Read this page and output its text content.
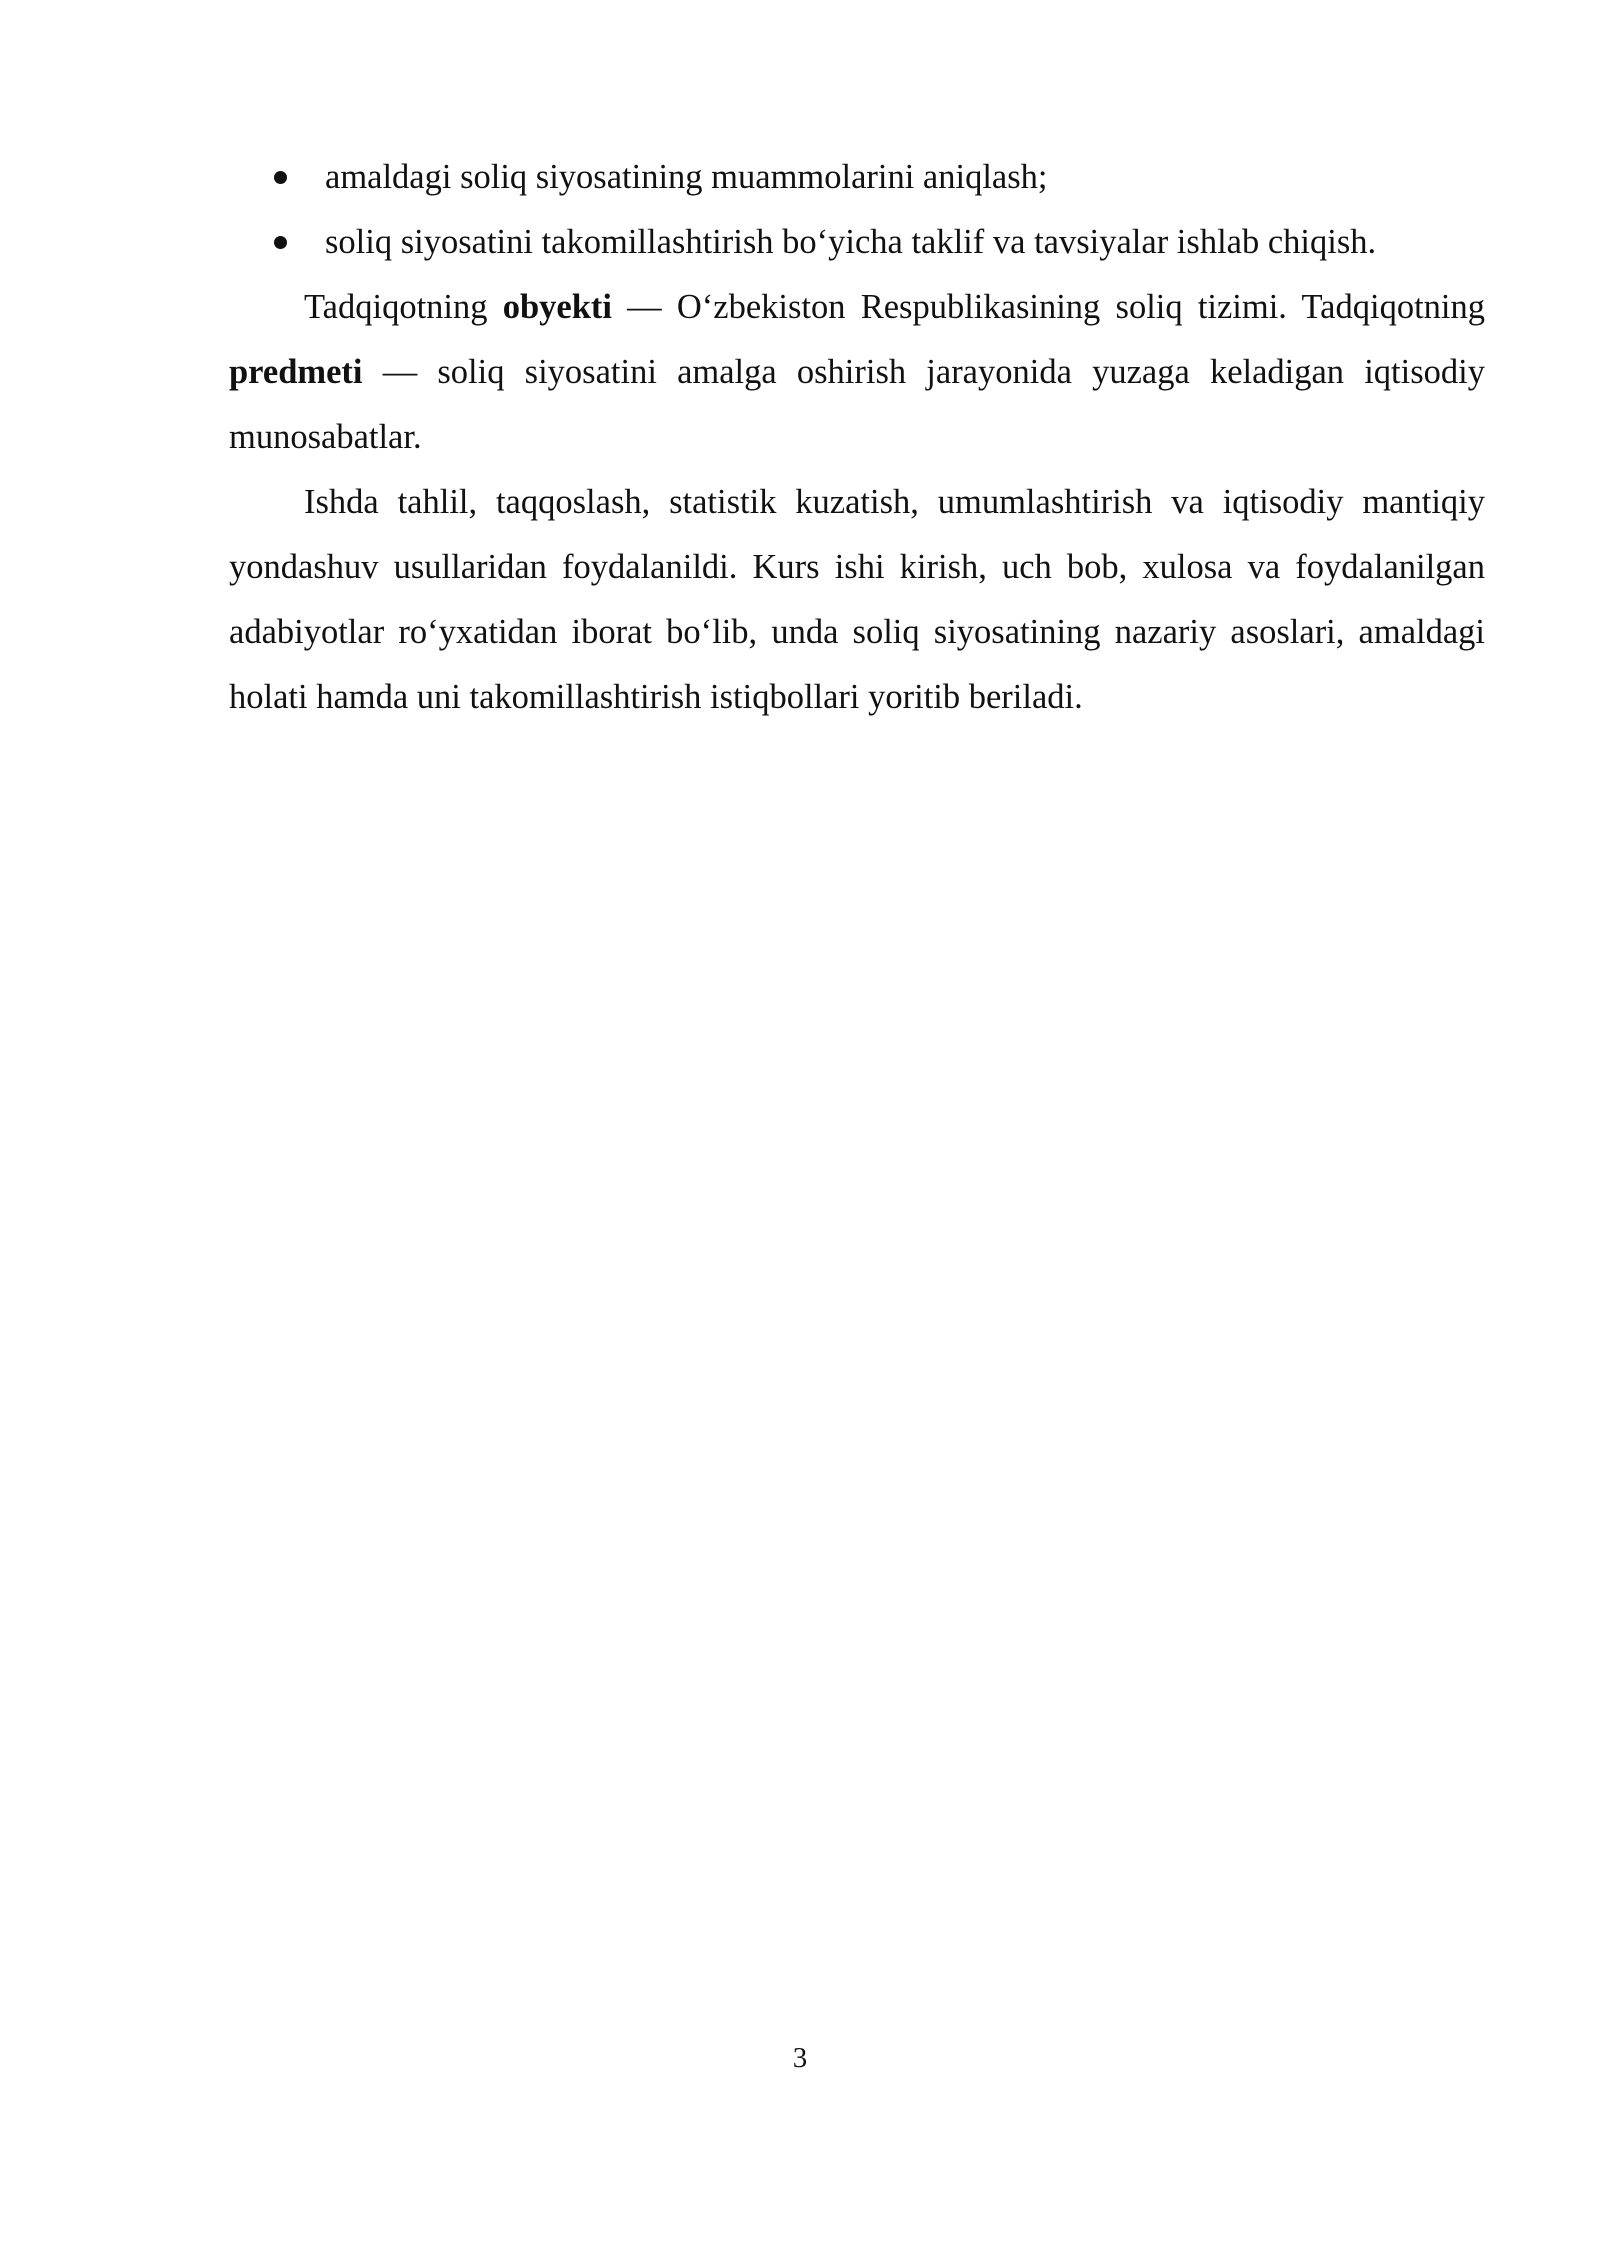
amaldagi soliq siyosatining muammolarini aniqlash;
soliq siyosatini takomillashtirish bo‘yicha taklif va tavsiyalar ishlab chiqish.

Tadqiqotning obyekti — O‘zbekiston Respublikasining soliq tizimi. Tadqiqotning predmeti — soliq siyosatini amalga oshirish jarayonida yuzaga keladigan iqtisodiy munosabatlar.

Ishda tahlil, taqqoslash, statistik kuzatish, umumlashtirish va iqtisodiy mantiqiy yondashuv usullaridan foydalanildi. Kurs ishi kirish, uch bob, xulosa va foydalanilgan adabiyotlar ro‘yxatidan iborat bo‘lib, unda soliq siyosatining nazariy asoslari, amaldagi holati hamda uni takomillashtirish istiqbollari yoritib beriladi.

3
